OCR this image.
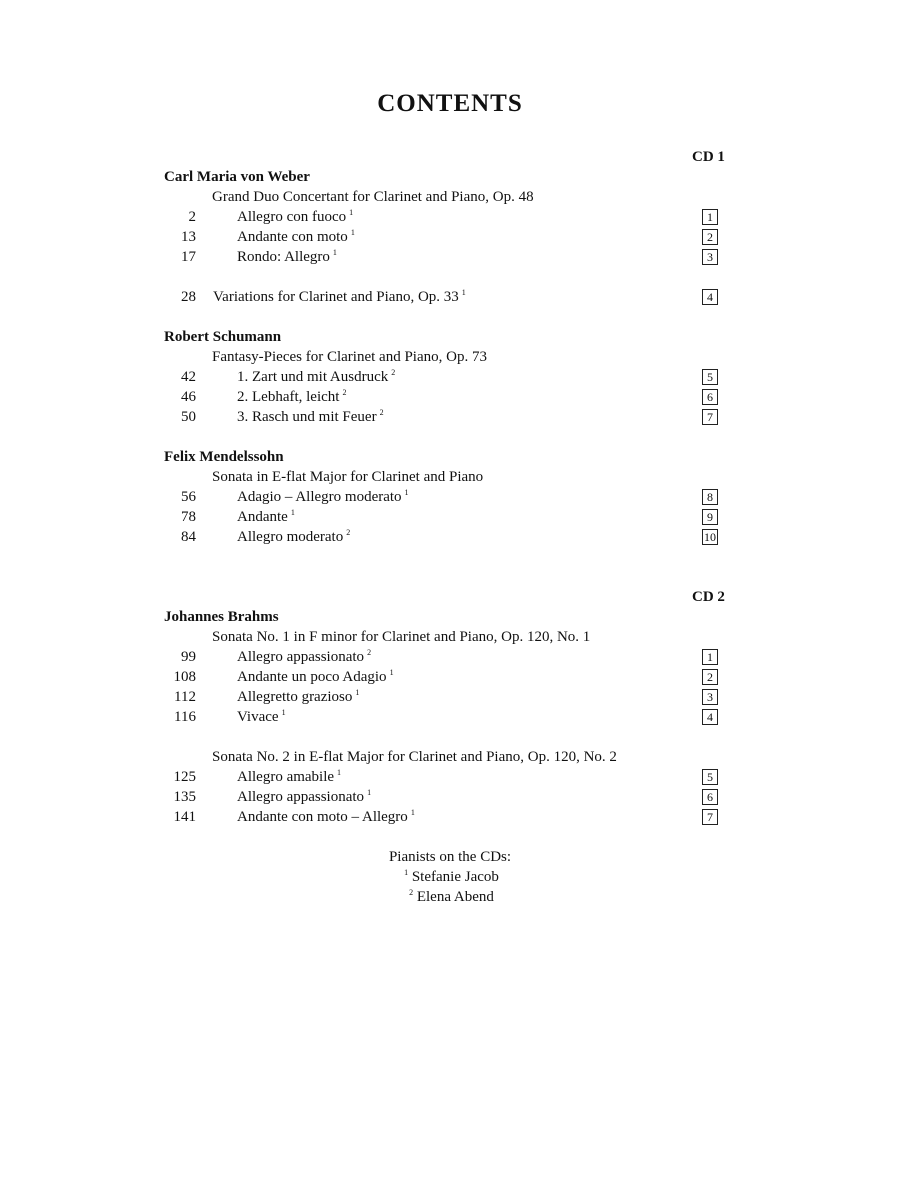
CONTENTS
CD 1
Carl Maria von Weber
Grand Duo Concertant for Clarinet and Piano, Op. 48
2	Allegro con fuoco $^1$	1
13	Andante con moto $^1$	2
17	Rondo: Allegro $^1$	3
28 Variations for Clarinet and Piano, Op. 33 $^1$	4
Robert Schumann
Fantasy-Pieces for Clarinet and Piano, Op. 73
42	1. Zart und mit Ausdruck $^2$	5
46	2. Lebhaft, leicht $^2$	6
50	3. Rasch und mit Feuer $^2$	7
Felix Mendelssohn
Sonata in E-flat Major for Clarinet and Piano
56	Adagio – Allegro moderato $^1$	8
78	Andante $^1$	9
84	Allegro moderato $^2$	10
CD 2
Johannes Brahms
Sonata No. 1 in F minor for Clarinet and Piano, Op. 120, No. 1
99	Allegro appassionato $^2$	1
108	Andante un poco Adagio $^1$	2
112	Allegretto grazioso $^1$	3
116	Vivace $^1$	4
Sonata No. 2 in E-flat Major for Clarinet and Piano, Op. 120, No. 2
125	Allegro amabile $^1$	5
135	Allegro appassionato $^1$	6
141	Andante con moto – Allegro $^1$	7
Pianists on the CDs:
$^1$ Stefanie Jacob
$^2$ Elena Abend
